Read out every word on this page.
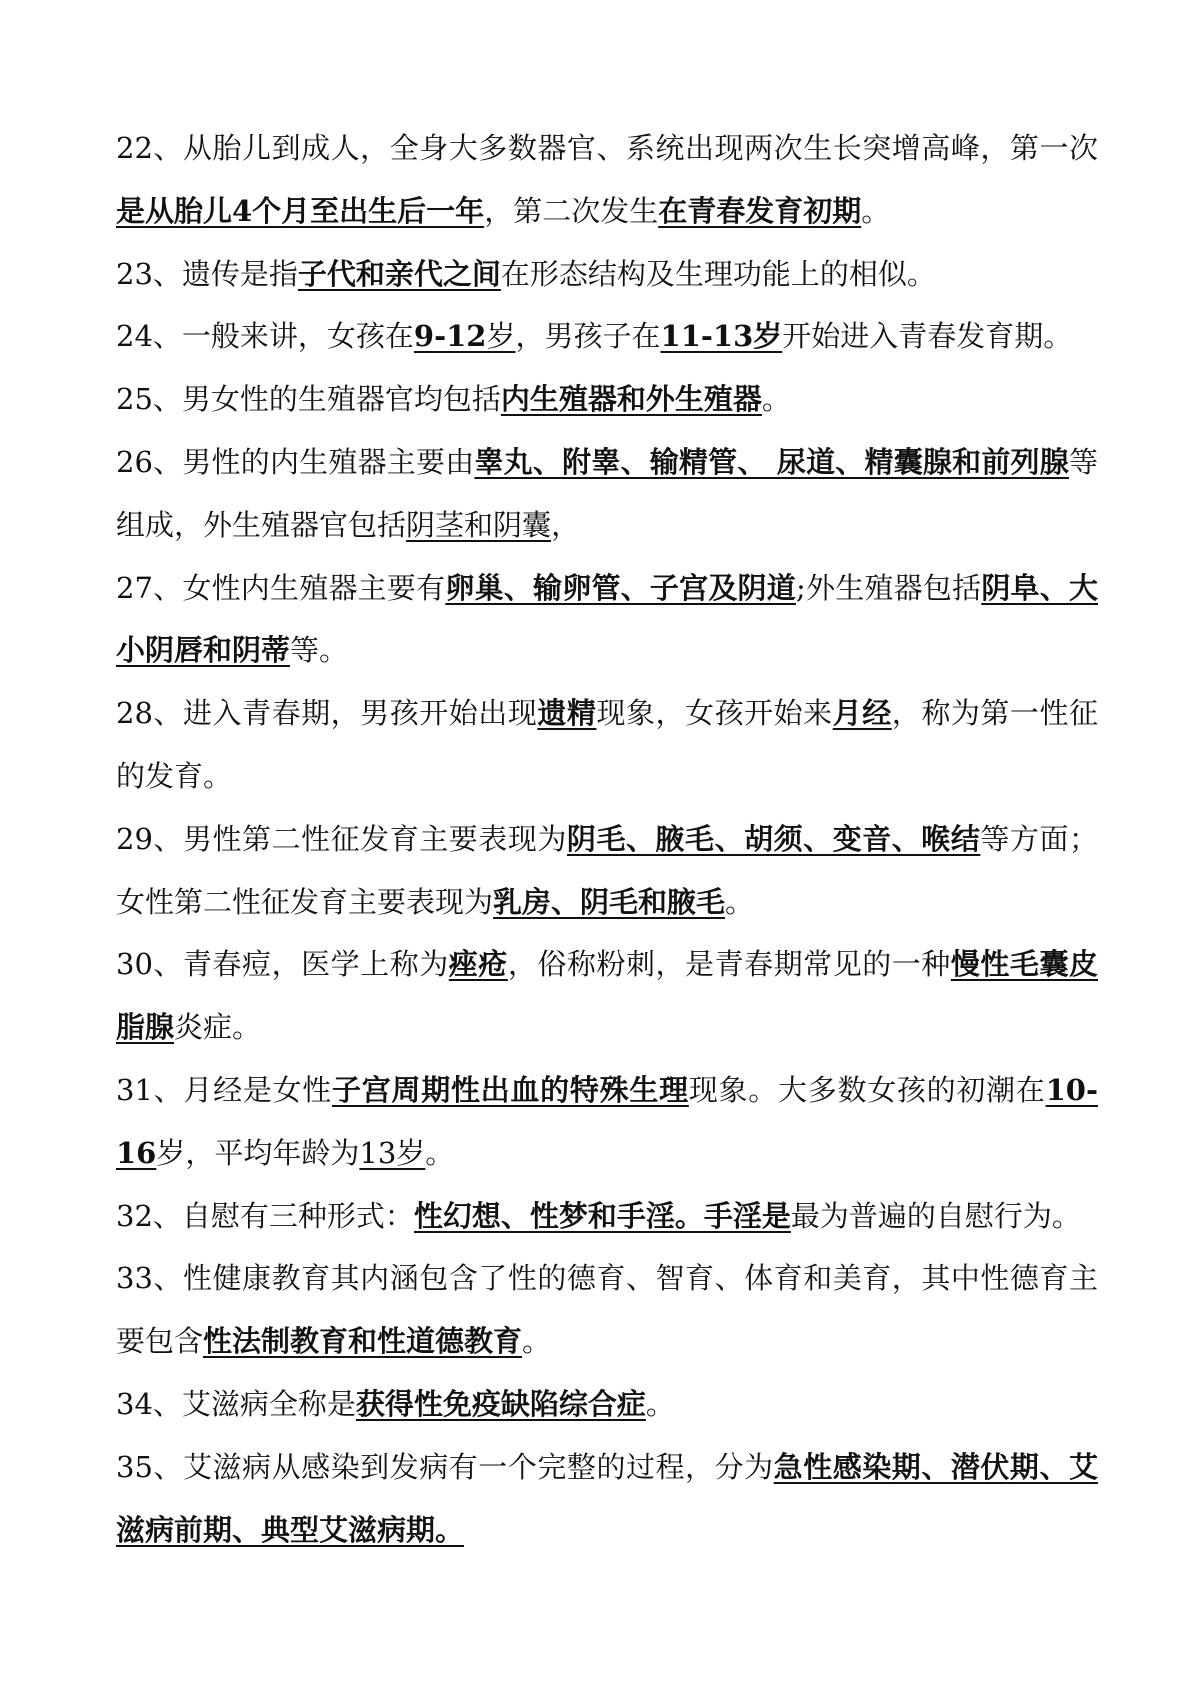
22、从胎儿到成人，全身大多数器官、系统出现两次生长突增高峰，第一次是从胎儿4个月至出生后一年，第二次发生在青春发育初期。

23、遗传是指子代和亲代之间在形态结构及生理功能上的相似。

24、一般来讲，女孩在9-12岁，男孩子在11-13岁开始进入青春发育期。

25、男女性的生殖器官均包括内生殖器和外生殖器。

26、男性的内生殖器主要由睾丸、附睾、输精管、 尿道、精囊腺和前列腺等组成，外生殖器官包括阴茎和阴囊，

27、女性内生殖器主要有卵巢、输卵管、子宫及阴道;外生殖器包括阴阜、大小阴唇和阴蒂等。

28、进入青春期，男孩开始出现遗精现象，女孩开始来月经，称为第一性征的发育。

29、男性第二性征发育主要表现为阴毛、腋毛、胡须、变音、喉结等方面；女性第二性征发育主要表现为乳房、阴毛和腋毛。

30、青春痘，医学上称为痤疮，俗称粉刺，是青春期常见的一种慢性毛囊皮脂腺炎症。

31、月经是女性子宫周期性出血的特殊生理现象。大多数女孩的初潮在10-16岁，平均年龄为13岁。

32、自慰有三种形式：性幻想、性梦和手淫。手淫是最为普遍的自慰行为。

33、性健康教育其内涵包含了性的德育、智育、体育和美育，其中性德育主要包含性法制教育和性道德教育。

34、艾滋病全称是获得性免疫缺陷综合症。

35、艾滋病从感染到发病有一个完整的过程，分为急性感染期、潜伏期、艾滋病前期、典型艾滋病期。
